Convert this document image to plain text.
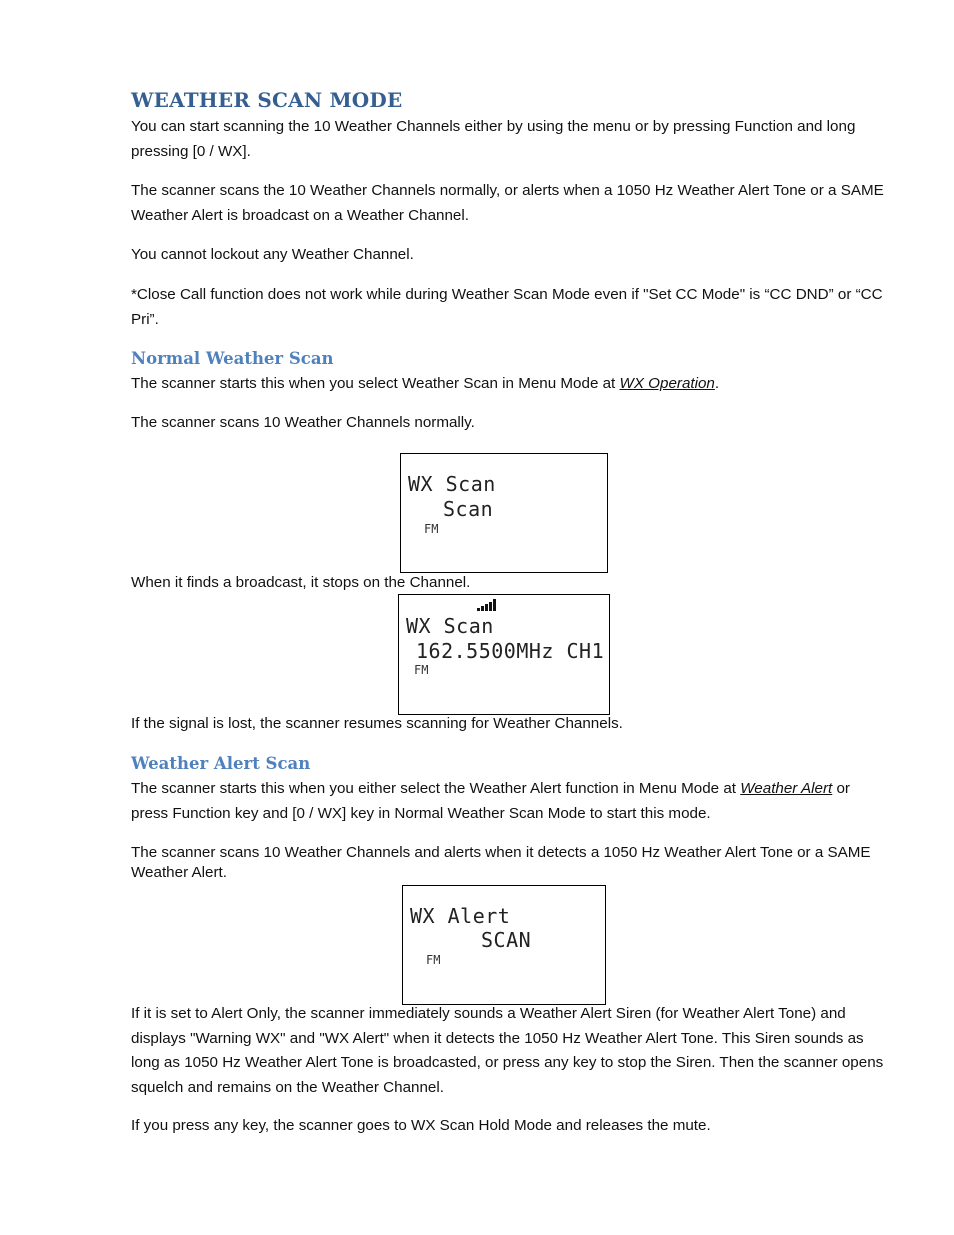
WEATHER SCAN MODE
You can start scanning the 10 Weather Channels either by using the menu or by pressing Function and long pressing [0 / WX].
The scanner scans the 10 Weather Channels normally, or alerts when a 1050 Hz Weather Alert Tone or a SAME Weather Alert is broadcast on a Weather Channel.
You cannot lockout any Weather Channel.
*Close Call function does not work while during Weather Scan Mode even if "Set CC Mode" is “CC DND” or “CC Pri”.
Normal Weather Scan
The scanner starts this when you select Weather Scan in Menu Mode at WX Operation.
The scanner scans 10 Weather Channels normally.
WX Scan
Scan
FM
When it finds a broadcast, it stops on the Channel.
WX Scan
162.5500MHz CH1
FM
If the signal is lost, the scanner resumes scanning for Weather Channels.
Weather Alert Scan
The scanner starts this when you either select the Weather Alert function in Menu Mode at Weather Alert or press Function key and [0 / WX] key in Normal Weather Scan Mode to start this mode.
The scanner scans 10 Weather Channels and alerts when it detects a 1050 Hz Weather Alert Tone or a SAME Weather Alert.
WX Alert
SCAN
FM
If it is set to Alert Only, the scanner immediately sounds a Weather Alert Siren (for Weather Alert Tone) and displays "Warning WX" and "WX Alert" when it detects the 1050 Hz Weather Alert Tone. This Siren sounds as long as 1050 Hz Weather Alert Tone is broadcasted, or press any key to stop the Siren. Then the scanner opens squelch and remains on the Weather Channel.
If you press any key, the scanner goes to WX Scan Hold Mode and releases the mute.
